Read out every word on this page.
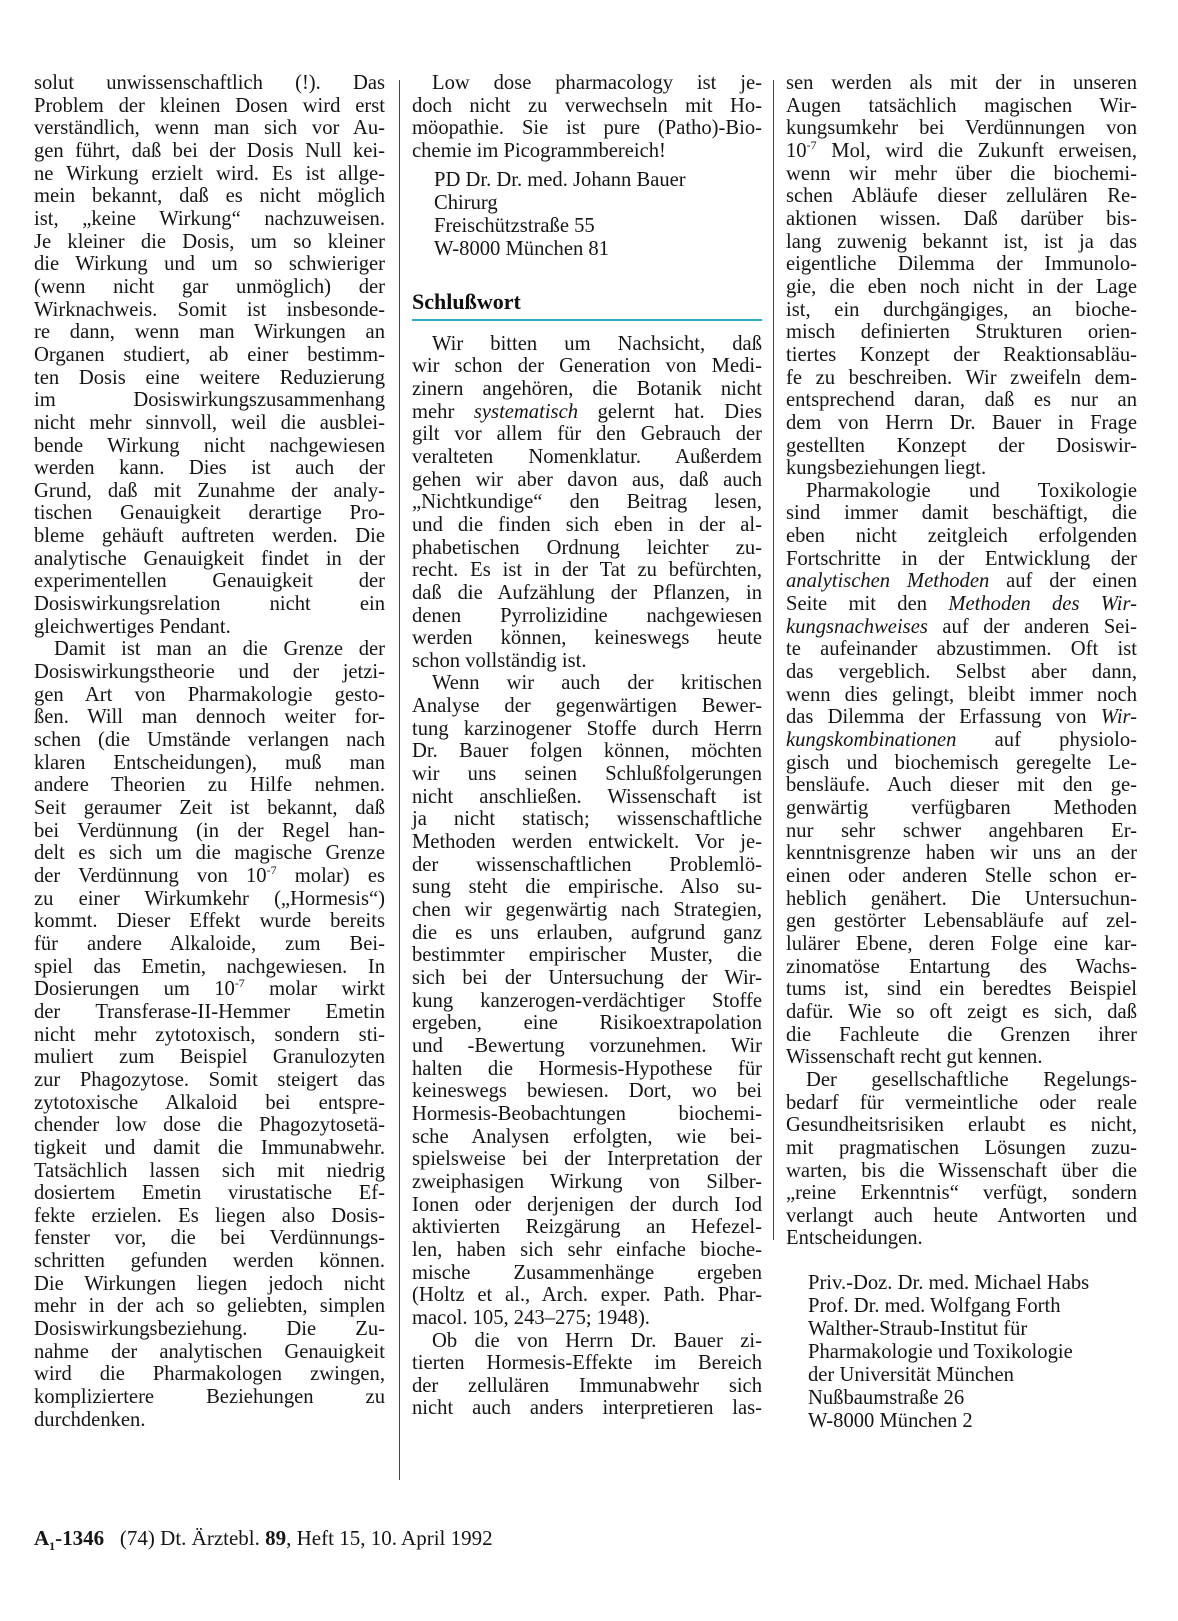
solut unwissenschaftlich (!). Das

Problem der kleinen Dosen wird erst

verständlich, wenn man sich vor Au-

gen führt, daß bei der Dosis Null kei-

ne Wirkung erzielt wird. Es ist allge-

mein bekannt, daß es nicht möglich

ist, „keine Wirkung“ nachzuweisen.

Je kleiner die Dosis, um so kleiner

die Wirkung und um so schwieriger

(wenn nicht gar unmöglich) der

Wirknachweis. Somit ist insbesonde-

re dann, wenn man Wirkungen an

Organen studiert, ab einer bestimm-

ten Dosis eine weitere Reduzierung

im Dosiswirkungszusammenhang

nicht mehr sinnvoll, weil die ausblei-

bende Wirkung nicht nachgewiesen

werden kann. Dies ist auch der

Grund, daß mit Zunahme der analy-

tischen Genauigkeit derartige Pro-

bleme gehäuft auftreten werden. Die

analytische Genauigkeit findet in der

experimentellen Genauigkeit der

Dosiswirkungsrelation nicht ein

gleichwertiges Pendant.

Damit ist man an die Grenze der

Dosiswirkungstheorie und der jetzi-

gen Art von Pharmakologie gesto-

ßen. Will man dennoch weiter for-

schen (die Umstände verlangen nach

klaren Entscheidungen), muß man

andere Theorien zu Hilfe nehmen.

Seit geraumer Zeit ist bekannt, daß

bei Verdünnung (in der Regel han-

delt es sich um die magische Grenze

der Verdünnung von $10^{-7}$ molar) es

zu einer Wirkumkehr („Hormesis“)

kommt. Dieser Effekt wurde bereits

für andere Alkaloide, zum Bei-

spiel das Emetin, nachgewiesen. In

Dosierungen um $10^{-7}$ molar wirkt

der Transferase-II-Hemmer Emetin

nicht mehr zytotoxisch, sondern sti-

muliert zum Beispiel Granulozyten

zur Phagozytose. Somit steigert das

zytotoxische Alkaloid bei entspre-

chender low dose die Phagozytosetä-

tigkeit und damit die Immunabwehr.

Tatsächlich lassen sich mit niedrig

dosiertem Emetin virustatische Ef-

fekte erzielen. Es liegen also Dosis-

fenster vor, die bei Verdünnungs-

schritten gefunden werden können.

Die Wirkungen liegen jedoch nicht

mehr in der ach so geliebten, simplen

Dosiswirkungsbeziehung. Die Zu-

nahme der analytischen Genauigkeit

wird die Pharmakologen zwingen,

kompliziertere Beziehungen zu

durchdenken.

Low dose pharmacology ist je-

doch nicht zu verwechseln mit Ho-

möopathie. Sie ist pure (Patho)-Bio-

chemie im Picogrammbereich!

PD Dr. Dr. med. Johann Bauer

Chirurg

Freischützstraße 55

W-8000 München 81

Schlußwort

Wir bitten um Nachsicht, daß

wir schon der Generation von Medi-

zinern angehören, die Botanik nicht

mehr systematisch gelernt hat. Dies

gilt vor allem für den Gebrauch der

veralteten Nomenklatur. Außerdem

gehen wir aber davon aus, daß auch

„Nichtkundige“ den Beitrag lesen,

und die finden sich eben in der al-

phabetischen Ordnung leichter zu-

recht. Es ist in der Tat zu befürchten,

daß die Aufzählung der Pflanzen, in

denen Pyrrolizidine nachgewiesen

werden können, keineswegs heute

schon vollständig ist.

Wenn wir auch der kritischen

Analyse der gegenwärtigen Bewer-

tung karzinogener Stoffe durch Herrn

Dr. Bauer folgen können, möchten

wir uns seinen Schlußfolgerungen

nicht anschließen. Wissenschaft ist

ja nicht statisch; wissenschaftliche

Methoden werden entwickelt. Vor je-

der wissenschaftlichen Problemlö-

sung steht die empirische. Also su-

chen wir gegenwärtig nach Strategien,

die es uns erlauben, aufgrund ganz

bestimmter empirischer Muster, die

sich bei der Untersuchung der Wir-

kung kanzerogen-verdächtiger Stoffe

ergeben, eine Risikoextrapolation

und -Bewertung vorzunehmen. Wir

halten die Hormesis-Hypothese für

keineswegs bewiesen. Dort, wo bei

Hormesis-Beobachtungen biochemi-

sche Analysen erfolgten, wie bei-

spielsweise bei der Interpretation der

zweiphasigen Wirkung von Silber-

Ionen oder derjenigen der durch Iod

aktivierten Reizgärung an Hefezel-

len, haben sich sehr einfache bioche-

mische Zusammenhänge ergeben

(Holtz et al., Arch. exper. Path. Phar-

macol. 105, 243–275; 1948).

Ob die von Herrn Dr. Bauer zi-

tierten Hormesis-Effekte im Bereich

der zellulären Immunabwehr sich

nicht auch anders interpretieren las-

sen werden als mit der in unseren

Augen tatsächlich magischen Wir-

kungsumkehr bei Verdünnungen von

$10^{-7}$ Mol, wird die Zukunft erweisen,

wenn wir mehr über die biochemi-

schen Abläufe dieser zellulären Re-

aktionen wissen. Daß darüber bis-

lang zuwenig bekannt ist, ist ja das

eigentliche Dilemma der Immunolo-

gie, die eben noch nicht in der Lage

ist, ein durchgängiges, an bioche-

misch definierten Strukturen orien-

tiertes Konzept der Reaktionsabläu-

fe zu beschreiben. Wir zweifeln dem-

entsprechend daran, daß es nur an

dem von Herrn Dr. Bauer in Frage

gestellten Konzept der Dosiswir-

kungsbeziehungen liegt.

Pharmakologie und Toxikologie

sind immer damit beschäftigt, die

eben nicht zeitgleich erfolgenden

Fortschritte in der Entwicklung der

analytischen Methoden auf der einen

Seite mit den Methoden des Wir-

kungsnachweises auf der anderen Sei-

te aufeinander abzustimmen. Oft ist

das vergeblich. Selbst aber dann,

wenn dies gelingt, bleibt immer noch

das Dilemma der Erfassung von Wir-

kungskombinationen auf physiolo-

gisch und biochemisch geregelte Le-

bensläufe. Auch dieser mit den ge-

genwärtig verfügbaren Methoden

nur sehr schwer angehbaren Er-

kenntnisgrenze haben wir uns an der

einen oder anderen Stelle schon er-

heblich genähert. Die Untersuchun-

gen gestörter Lebensabläufe auf zel-

lulärer Ebene, deren Folge eine kar-

zinomatöse Entartung des Wachs-

tums ist, sind ein beredtes Beispiel

dafür. Wie so oft zeigt es sich, daß

die Fachleute die Grenzen ihrer

Wissenschaft recht gut kennen.

Der gesellschaftliche Regelungs-

bedarf für vermeintliche oder reale

Gesundheitsrisiken erlaubt es nicht,

mit pragmatischen Lösungen zuzu-

warten, bis die Wissenschaft über die

„reine Erkenntnis“ verfügt, sondern

verlangt auch heute Antworten und

Entscheidungen.

Priv.-Doz. Dr. med. Michael Habs

Prof. Dr. med. Wolfgang Forth

Walther-Straub-Institut für

Pharmakologie und Toxikologie

der Universität München

Nußbaumstraße 26

W-8000 München 2

$A_1-1346$ (74) Dt. Ärztebl. 89, Heft 15, 10. April 1992
